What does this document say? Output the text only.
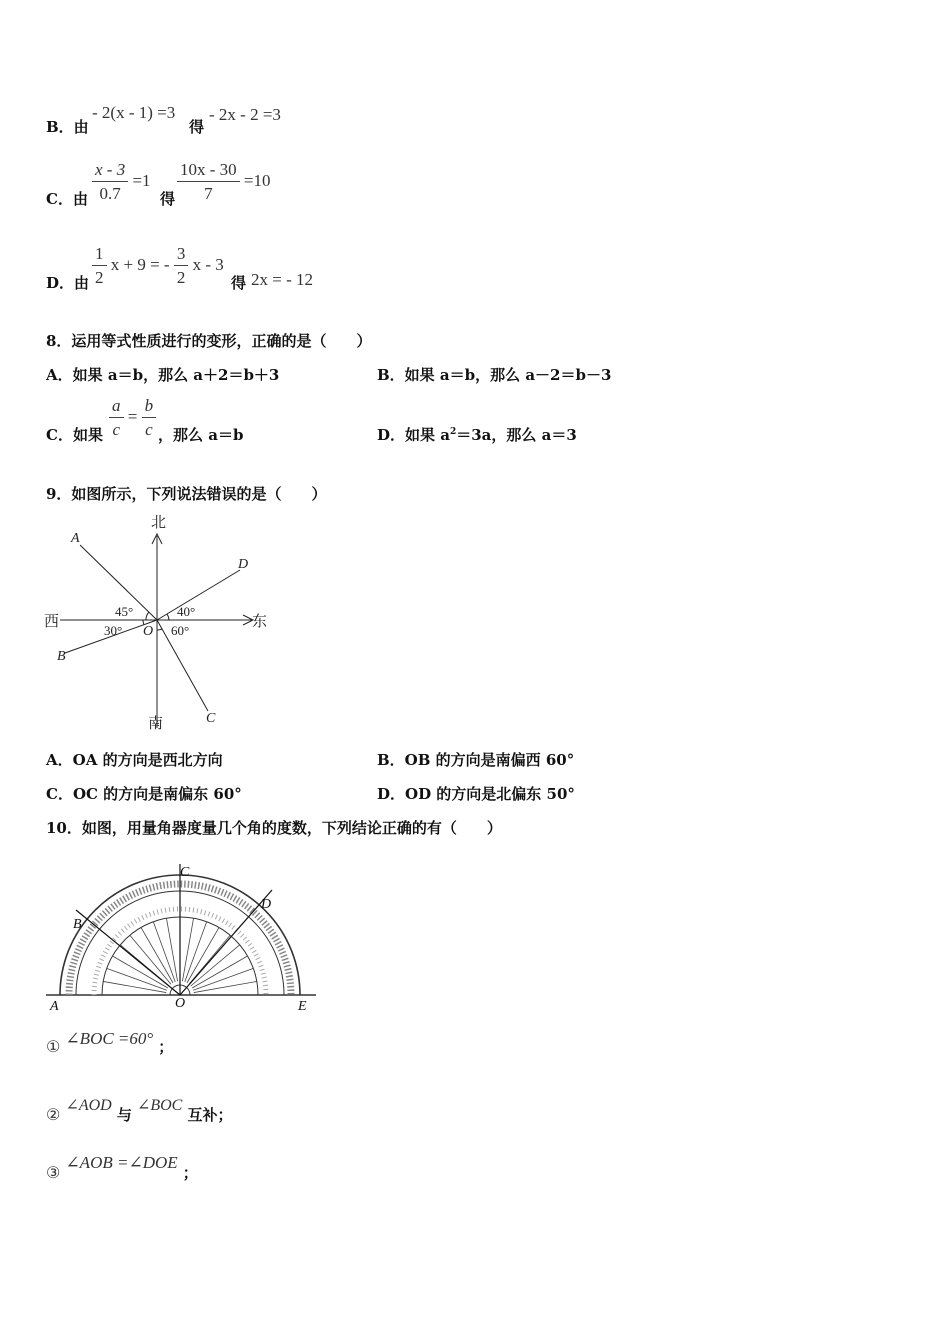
B．由
- 2(x - 1) =3
得
- 2x - 2 =3
C．由 $\frac{x - 3}{0.7} =1$
得 $\frac{10x - 30}{7} =10$
D．由 $\frac{1}{2}$ x + 9 = - $\frac{3}{2}$ x - 3
得 2x = - 12
8．运用等式性质进行的变形，正确的是（　　）
A．如果 a＝b，那么 a＋2＝b＋3	B．如果 a＝b，那么 a－2＝b－3
C．如果 $\frac{a}{c} = \frac{b}{c}$ ，那么 a＝b	D．如果 $a^2=3a$，那么 a＝3
9．如图所示，下列说法错误的是（　　）
北
南
西	东
A
D
B
C
O
45°	40°
30°	60°
A．OA 的方向是西北方向	B．OB 的方向是南偏西 60°
C．OC 的方向是南偏东 60°	D．OD 的方向是北偏东 50°
10．如图，用量角器度量几个角的度数，下列结论正确的有（　　）
A	O	E
B
C
D
① ∠BOC =60° ；
② ∠AOD 与 ∠BOC 互补；
③ ∠AOB =∠DOE ；
